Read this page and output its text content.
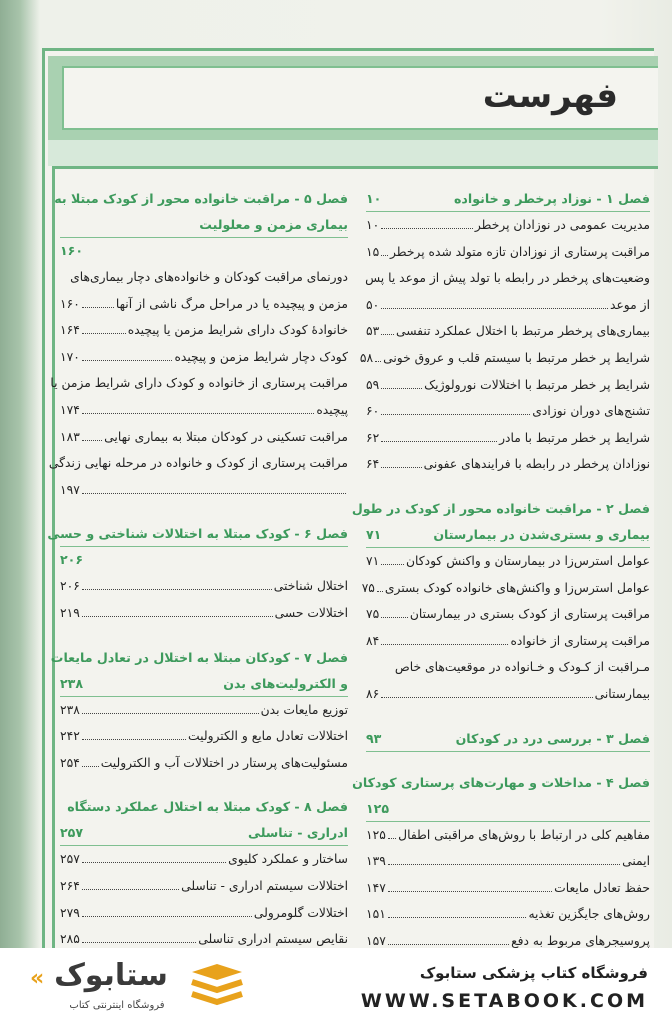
فهرست
فصل ۱ - نوزاد پرخطر و خانواده
۱۰
مدیریت عمومی در نوزادان پرخطر
۱۰
مراقبت پرستاری از نوزادان تازه متولد شده پرخطر
۱۵
وضعیت‌های پرخطر در رابطه با تولد پیش از موعد یا پس
از موعد
۵۰
بیماری‌های پرخطر مرتبط با اختلال عملکرد تنفسی
۵۳
شرایط پر خطر مرتبط با سیستم قلب و عروق خونی
۵۸
شرایط پر خطر مرتبط با اختلالات نورولوژیک
۵۹
تشنج‌های دوران نوزادی
۶۰
شرایط پر خطر مرتبط با مادر
۶۲
نوزادان پرخطر در رابطه با فرایندهای عفونی
۶۴
فصل ۲ - مراقبت خانواده محور از کودک در طول
بیماری و بستری‌شدن در بیمارستان
۷۱
عوامل استرس‌زا در بیمارستان و واکنش کودکان
۷۱
عوامل استرس‌زا و واکنش‌های خانواده کودک بستری
۷۵
مراقبت پرستاری از کودک بستری در بیمارستان
۷۵
مراقبت پرستاری از خانواده
۸۴
مـراقبت از کـودک و خـانواده در موقعیت‌های خاص
بیمارستانی
۸۶
فصل ۳ - بررسی درد در کودکان
۹۳
فصل ۴ - مداخلات و مهارت‌های پرستاری کودکان
۱۲۵

مفاهیم کلی در ارتباط با روش‌های مراقبتی اطفال
۱۲۵
ایمنی
۱۳۹
حفظ تعادل مایعات
۱۴۷
روش‌های جایگزین تغذیه
۱۵۱
پروسیجرهای مربوط به دفع
۱۵۷
فصل ۵ - مراقبت خانواده محور از کودک مبتلا به
بیماری مزمن و معلولیت
۱۶۰

دورنمای مراقبت کودکان و خانواده‌های دچار بیماری‌های
مزمن و پیچیده یا در مراحل مرگ ناشی از آنها
۱۶۰
خانوادهٔ کودک دارای شرایط مزمن یا پیچیده
۱۶۴
کودک دچار شرایط مزمن و پیچیده
۱۷۰
مراقبت پرستاری از خانواده و کودک دارای شرایط مزمن یا
پیچیده
۱۷۴
مراقبت تسکینی در کودکان مبتلا به بیماری نهایی
۱۸۳
مراقبت پرستاری از کودک و خانواده در مرحله نهایی زندگی
۱۹۷
فصل ۶ - کودک مبتلا به اختلالات شناختی و حسی
۲۰۶

اختلال شناختی
۲۰۶
اختلالات حسی
۲۱۹
فصل ۷ - کودکان مبتلا به اختلال در تعادل مایعات
و الکترولیت‌های بدن
۲۳۸
توزیع مایعات بدن
۲۳۸
اختلالات تعادل مایع و الکترولیت
۲۴۲
مسئولیت‌های پرستار در اختلالات آب و الکترولیت
۲۵۴
فصل ۸ - کودک مبتلا به اختلال عملکرد دستگاه
ادراری - تناسلی
۲۵۷
ساختار و عملکرد کلیوی
۲۵۷
اختلالات سیستم ادراری - تناسلی
۲۶۴
اختلالات گلومرولی
۲۷۹
نقایص سیستم ادراری تناسلی
۲۸۵
فروشگاه کتاب پزشکی ستابوک
WWW.SETABOOK.COM
ستابوک
فروشگاه اینترنتی کتاب
«
